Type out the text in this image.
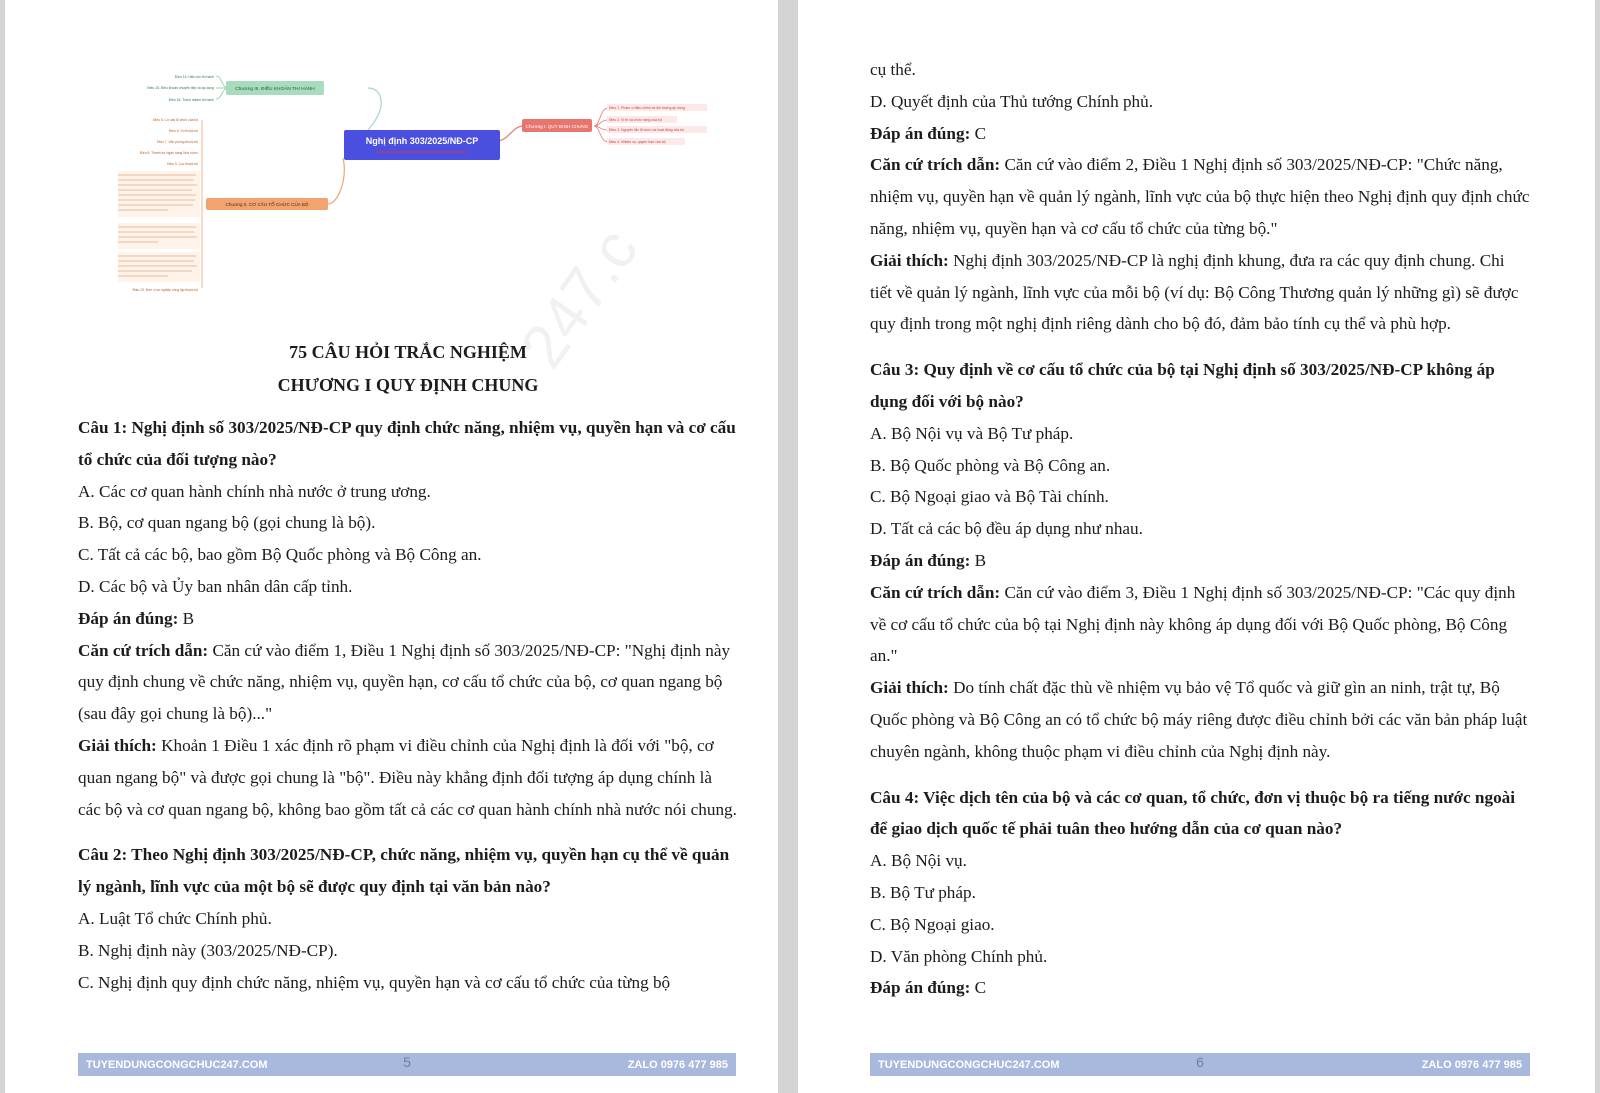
Nghị định 303/2025/NĐ-CP
Chương I. QUY ĐỊNH CHUNG
Điều 1. Phạm vi điều chỉnh và đối tượng áp dụng
Điều 2. Vị trí và chức năng của bộ
Điều 3. Nguyên tắc tổ chức và hoạt động của bộ
Điều 4. Nhiệm vụ, quyền hạn của bộ
Chương II. CƠ CẤU TỔ CHỨC CỦA BỘ
Điều 5. Cơ cấu tổ chức của bộ
Điều 6. Vụ thuộc bộ
Điều 7. Văn phòng thuộc bộ
Điều 8. Thanh tra Ngân hàng Nhà nước
Điều 9. Cục thuộc bộ
Điều 13. Đơn vị sự nghiệp công lập thuộc bộ
Chương III. ĐIỀU KHOẢN THI HÀNH
Điều 14. Hiệu lực thi hành
Điều 15. Điều khoản chuyển tiếp và áp dụng
Điều 16. Trách nhiệm thi hành
247.c

75 CÂU HỎI TRẮC NGHIỆM

CHƯƠNG I QUY ĐỊNH CHUNG

Câu 1: Nghị định số 303/2025/NĐ-CP quy định chức năng, nhiệm vụ, quyền hạn và cơ cấu tổ chức của đối tượng nào?

A. Các cơ quan hành chính nhà nước ở trung ương.

B. Bộ, cơ quan ngang bộ (gọi chung là bộ).

C. Tất cả các bộ, bao gồm Bộ Quốc phòng và Bộ Công an.

D. Các bộ và Ủy ban nhân dân cấp tỉnh.

Đáp án đúng: B

Căn cứ trích dẫn: Căn cứ vào điểm 1, Điều 1 Nghị định số 303/2025/NĐ-CP: "Nghị định này quy định chung về chức năng, nhiệm vụ, quyền hạn, cơ cấu tổ chức của bộ, cơ quan ngang bộ (sau đây gọi chung là bộ)..."

Giải thích: Khoản 1 Điều 1 xác định rõ phạm vi điều chỉnh của Nghị định là đối với "bộ, cơ quan ngang bộ" và được gọi chung là "bộ". Điều này khẳng định đối tượng áp dụng chính là các bộ và cơ quan ngang bộ, không bao gồm tất cả các cơ quan hành chính nhà nước nói chung.

Câu 2: Theo Nghị định 303/2025/NĐ-CP, chức năng, nhiệm vụ, quyền hạn cụ thể về quản lý ngành, lĩnh vực của một bộ sẽ được quy định tại văn bản nào?

A. Luật Tổ chức Chính phủ.

B. Nghị định này (303/2025/NĐ-CP).

C. Nghị định quy định chức năng, nhiệm vụ, quyền hạn và cơ cấu tổ chức của từng bộ

TUYENDUNGCONGCHUC247.COM	5	ZALO 0976 477 985

cụ thể.

D. Quyết định của Thủ tướng Chính phủ.

Đáp án đúng: C

Căn cứ trích dẫn: Căn cứ vào điểm 2, Điều 1 Nghị định số 303/2025/NĐ-CP: "Chức năng, nhiệm vụ, quyền hạn về quản lý ngành, lĩnh vực của bộ thực hiện theo Nghị định quy định chức năng, nhiệm vụ, quyền hạn và cơ cấu tổ chức của từng bộ."

Giải thích: Nghị định 303/2025/NĐ-CP là nghị định khung, đưa ra các quy định chung. Chi tiết về quản lý ngành, lĩnh vực của mỗi bộ (ví dụ: Bộ Công Thương quản lý những gì) sẽ được quy định trong một nghị định riêng dành cho bộ đó, đảm bảo tính cụ thể và phù hợp.

Câu 3: Quy định về cơ cấu tổ chức của bộ tại Nghị định số 303/2025/NĐ-CP không áp dụng đối với bộ nào?

A. Bộ Nội vụ và Bộ Tư pháp.

B. Bộ Quốc phòng và Bộ Công an.

C. Bộ Ngoại giao và Bộ Tài chính.

D. Tất cả các bộ đều áp dụng như nhau.

Đáp án đúng: B

Căn cứ trích dẫn: Căn cứ vào điểm 3, Điều 1 Nghị định số 303/2025/NĐ-CP: "Các quy định về cơ cấu tổ chức của bộ tại Nghị định này không áp dụng đối với Bộ Quốc phòng, Bộ Công an."

Giải thích: Do tính chất đặc thù về nhiệm vụ bảo vệ Tổ quốc và giữ gìn an ninh, trật tự, Bộ Quốc phòng và Bộ Công an có tổ chức bộ máy riêng được điều chỉnh bởi các văn bản pháp luật chuyên ngành, không thuộc phạm vi điều chỉnh của Nghị định này.

Câu 4: Việc dịch tên của bộ và các cơ quan, tổ chức, đơn vị thuộc bộ ra tiếng nước ngoài để giao dịch quốc tế phải tuân theo hướng dẫn của cơ quan nào?

A. Bộ Nội vụ.

B. Bộ Tư pháp.

C. Bộ Ngoại giao.

D. Văn phòng Chính phủ.

Đáp án đúng: C

TUYENDUNGCONGCHUC247.COM	6	ZALO 0976 477 985
